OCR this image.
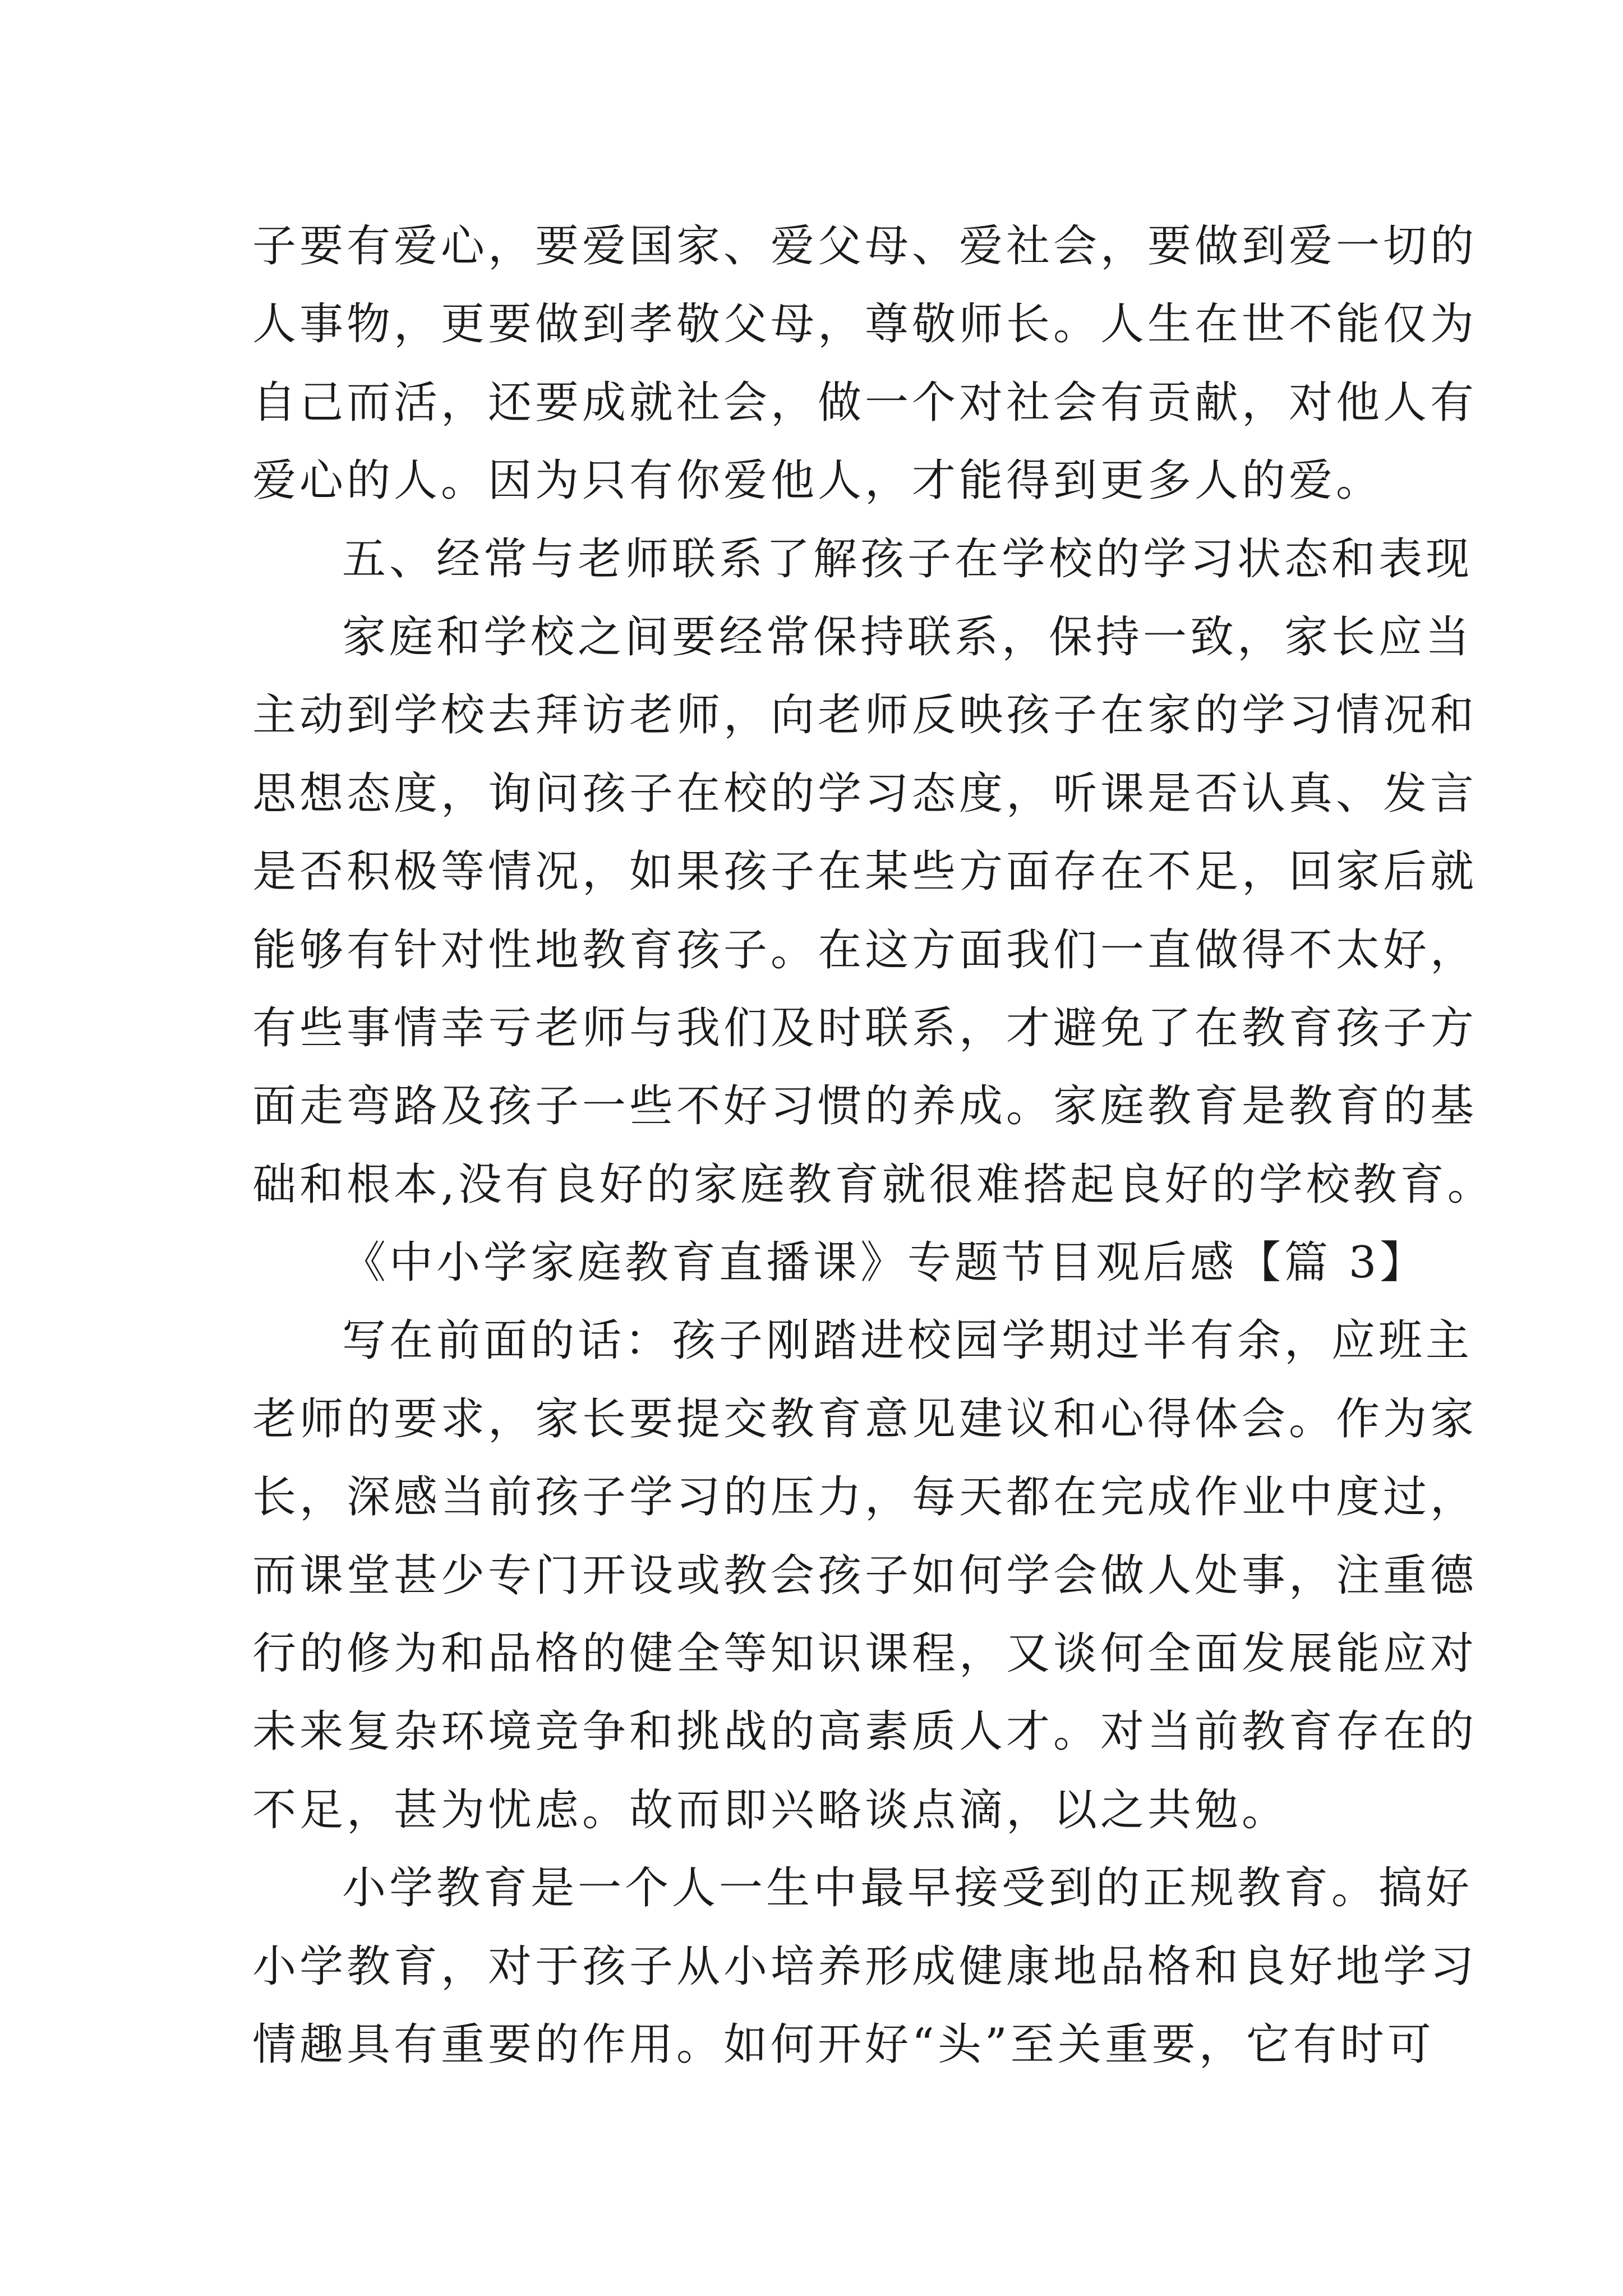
子要有爱心，要爱国家、爱父母、爱社会，要做到爱一切的
人事物，更要做到孝敬父母，尊敬师长。人生在世不能仅为
自己而活，还要成就社会，做一个对社会有贡献，对他人有
爱心的人。因为只有你爱他人，才能得到更多人的爱。
五、经常与老师联系了解孩子在学校的学习状态和表现
家庭和学校之间要经常保持联系，保持一致，家长应当
主动到学校去拜访老师，向老师反映孩子在家的学习情况和
思想态度，询问孩子在校的学习态度，听课是否认真、发言
是否积极等情况，如果孩子在某些方面存在不足，回家后就
能够有针对性地教育孩子。在这方面我们一直做得不太好，
有些事情幸亏老师与我们及时联系，才避免了在教育孩子方
面走弯路及孩子一些不好习惯的养成。家庭教育是教育的基
础和根本,没有良好的家庭教育就很难搭起良好的学校教育。
《中小学家庭教育直播课》专题节目观后感【篇 3】
写在前面的话：孩子刚踏进校园学期过半有余，应班主
老师的要求，家长要提交教育意见建议和心得体会。作为家
长，深感当前孩子学习的压力，每天都在完成作业中度过，
而课堂甚少专门开设或教会孩子如何学会做人处事，注重德
行的修为和品格的健全等知识课程，又谈何全面发展能应对
未来复杂环境竞争和挑战的高素质人才。对当前教育存在的
不足，甚为忧虑。故而即兴略谈点滴，以之共勉。
小学教育是一个人一生中最早接受到的正规教育。搞好
小学教育，对于孩子从小培养形成健康地品格和良好地学习
情趣具有重要的作用。如何开好“头”至关重要，它有时可
